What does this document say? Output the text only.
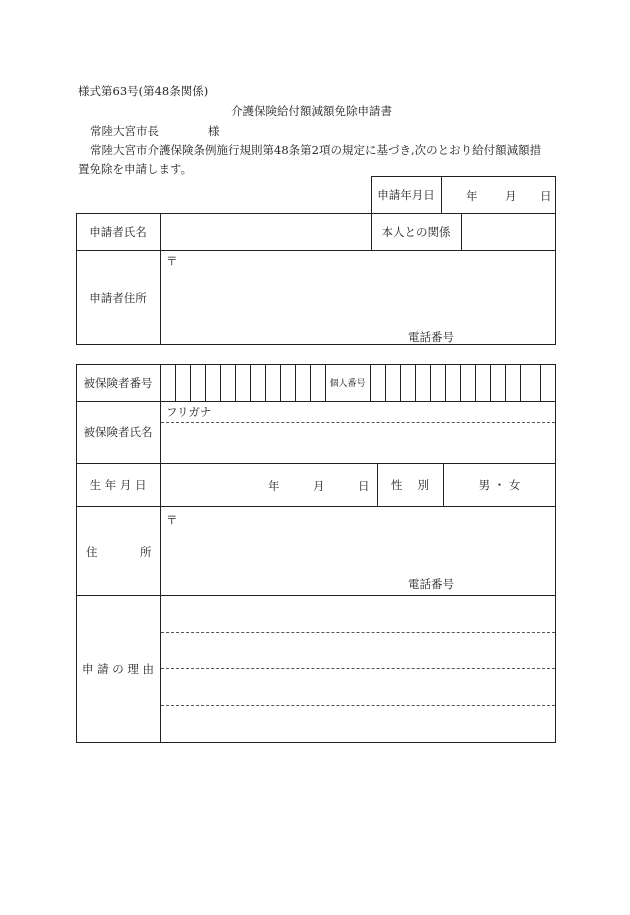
様式第63号(第48条関係)
介護保険給付額減額免除申請書
常陸大宮市長	様
常陸大宮市介護保険条例施行規則第48条第2項の規定に基づき,次のとおり給付額減額措
置免除を申請します。
申請年月日	年 月 日
申請者氏名	本人との関係
申請者住所
〒
電話番号
被保険者番号	個人番号
フリガナ
被保険者氏名
生 年 月 日	年	月	日	性　 別	男 ・ 女
住	所
〒
電話番号
申 請 の 理 由
